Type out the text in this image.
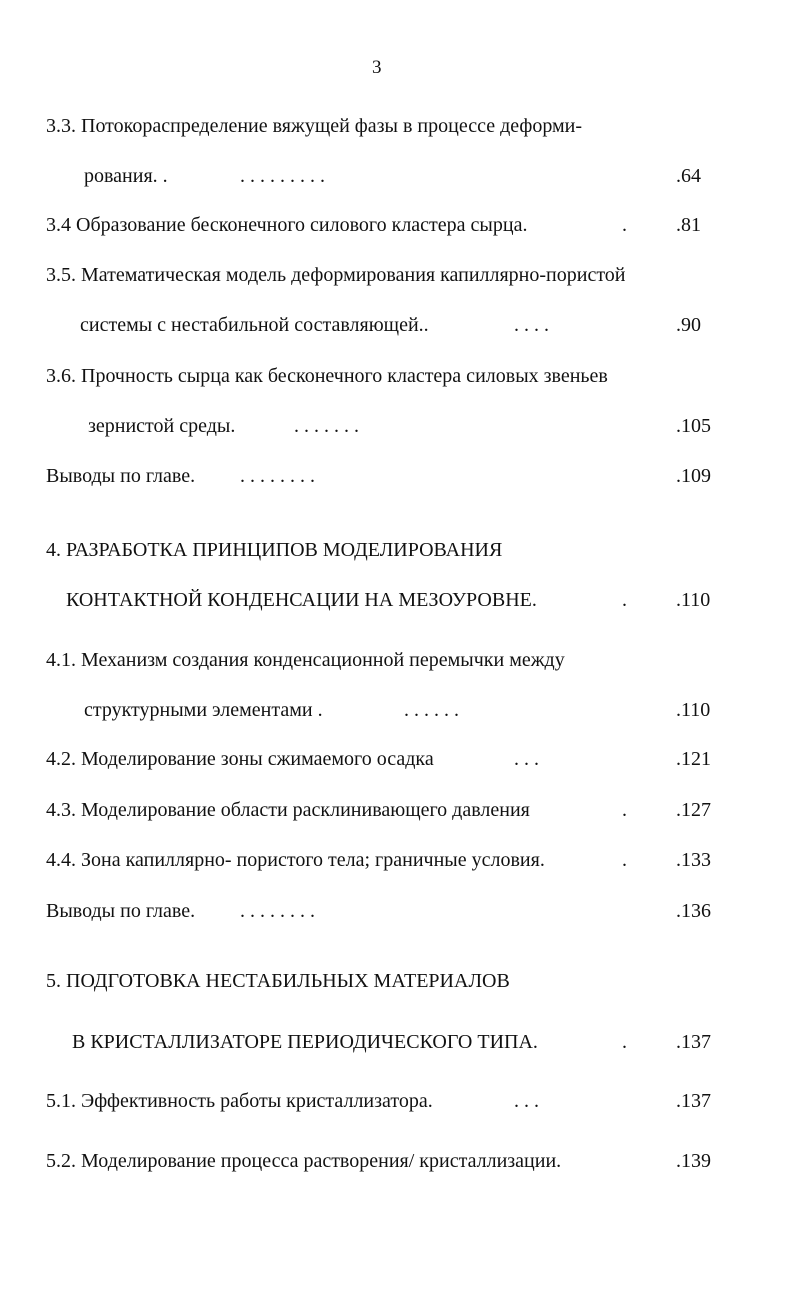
3
3.3. Потокораспределение вяжущей фазы в процессе деформи-
рования. .	. . . . . . . . .	.64
3.4 Образование бесконечного силового кластера сырца.	. .81
3.5. Математическая модель деформирования капиллярно-пористой
системы с нестабильной составляющей..	. . . .	.90
3.6. Прочность сырца как бесконечного кластера силовых звеньев
зернистой среды.	. . . . . . .	.105
Выводы по главе. . . . . . . . .	.109
4. РАЗРАБОТКА ПРИНЦИПОВ МОДЕЛИРОВАНИЯ
КОНТАКТНОЙ КОНДЕНСАЦИИ НА МЕЗОУРОВНЕ.	. .110
4.1. Механизм создания конденсационной перемычки между
структурными элементами .	. . . . . .	.110
4.2. Моделирование зоны сжимаемого осадка	. . .	.121
4.3. Моделирование области расклинивающего давления	. .127
4.4. Зона капиллярно- пористого тела; граничные условия.	. .133
Выводы по главе. . . . . . . . .	.136
5. ПОДГОТОВКА НЕСТАБИЛЬНЫХ МАТЕРИАЛОВ
В КРИСТАЛЛИЗАТОРЕ ПЕРИОДИЧЕСКОГО ТИПА.	. .137
5.1. Эффективность работы кристаллизатора.	. . .	.137
5.2. Моделирование процесса растворения/ кристаллизации.	.139
